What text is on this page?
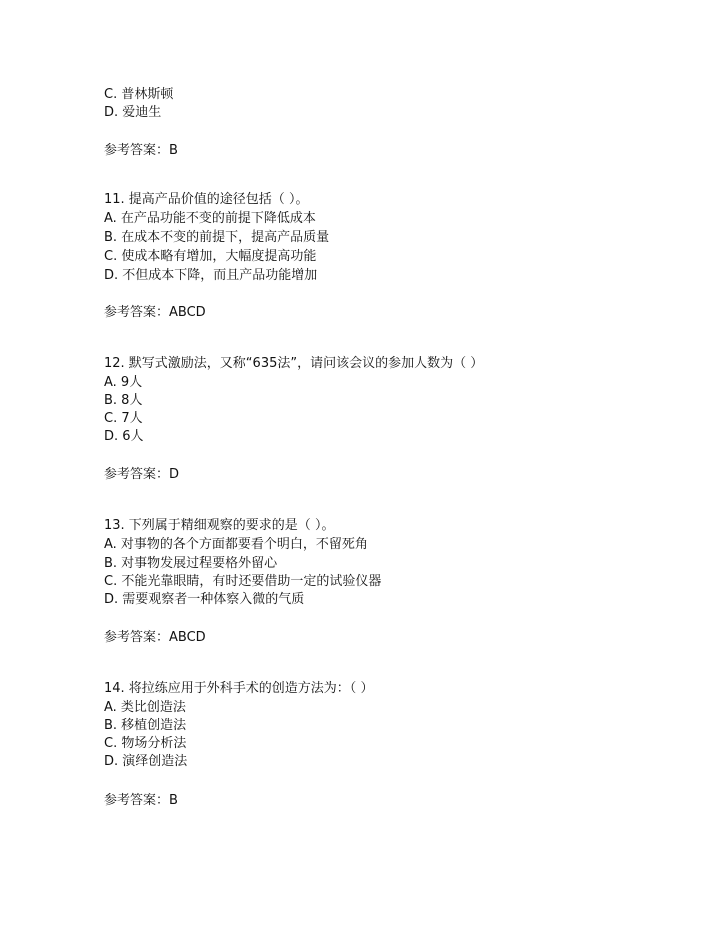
C. 普林斯顿
D. 爱迪生
参考答案：B
11. 提高产品价值的途径包括（ ）。
A. 在产品功能不变的前提下降低成本
B. 在成本不变的前提下，提高产品质量
C. 使成本略有增加，大幅度提高功能
D. 不但成本下降，而且产品功能增加
参考答案：ABCD
12. 默写式激励法，又称“635法”，请问该会议的参加人数为（ ）
A. 9人
B. 8人
C. 7人
D. 6人
参考答案：D
13. 下列属于精细观察的要求的是（ ）。
A. 对事物的各个方面都要看个明白，不留死角
B. 对事物发展过程要格外留心
C. 不能光靠眼睛，有时还要借助一定的试验仪器
D. 需要观察者一种体察入微的气质
参考答案：ABCD
14. 将拉练应用于外科手术的创造方法为：（ ）
A. 类比创造法
B. 移植创造法
C. 物场分析法
D. 演绎创造法
参考答案：B
